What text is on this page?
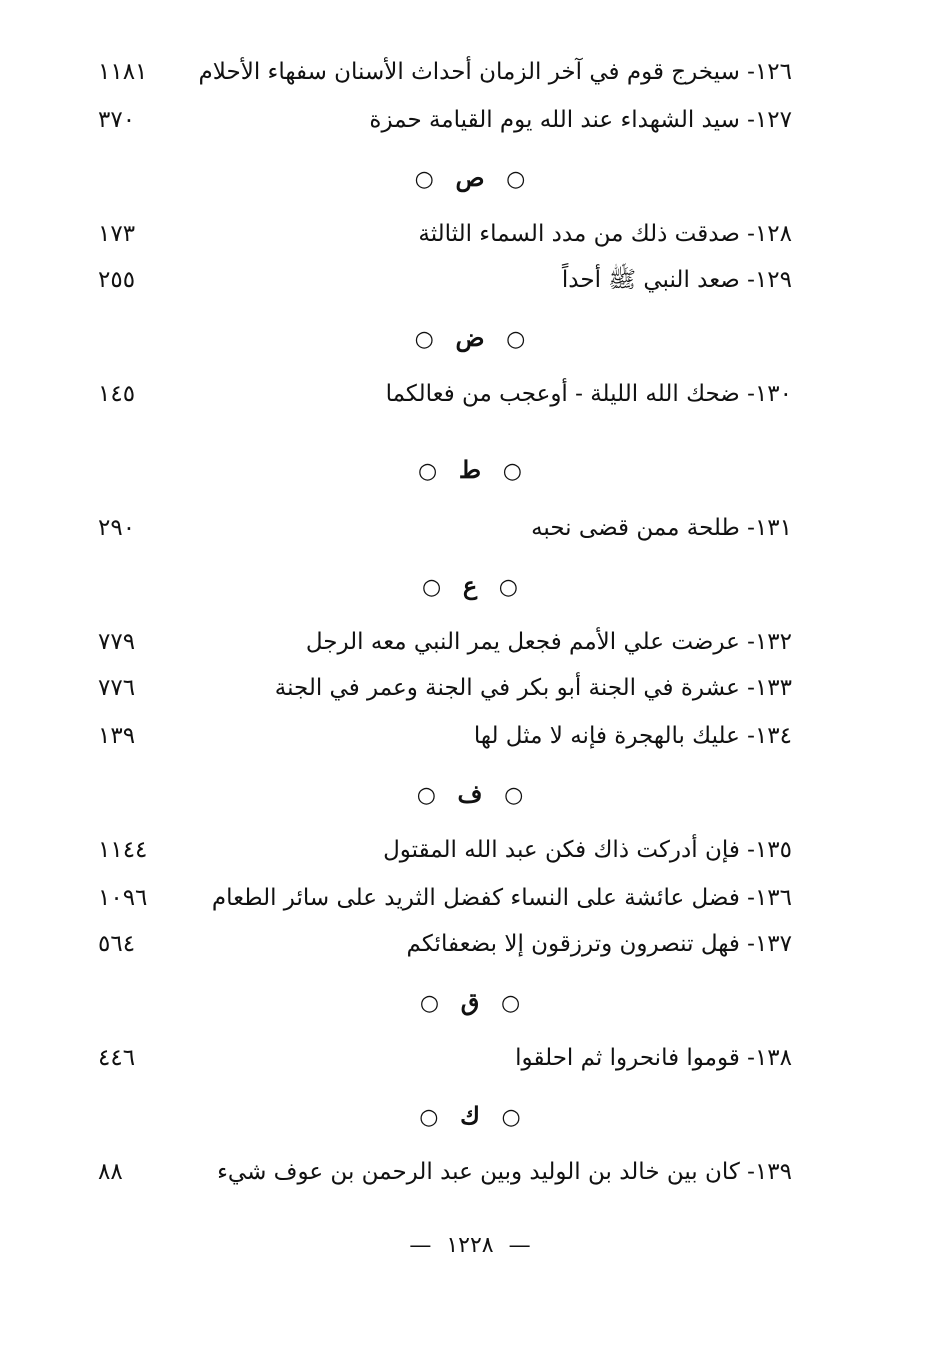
١٢٦- سيخرج قوم في آخر الزمان أحداث الأسنان سفهاء الأحلام
١١٨١
١٢٧- سيد الشهداء عند الله يوم القيامة حمزة
٣٧٠
○ ص ○
١٢٨- صدقت ذلك من مدد السماء الثالثة
١٧٣
١٢٩- صعد النبي ﷺ أحداً
٢٥٥
○ ض ○
١٣٠- ضحك الله الليلة - أوعجب من فعالكما
١٤٥
○ ط ○
١٣١- طلحة ممن قضى نحبه
٢٩٠
○ ع ○
١٣٢- عرضت علي الأمم فجعل يمر النبي معه الرجل
٧٧٩
١٣٣- عشرة في الجنة أبو بكر في الجنة وعمر في الجنة
٧٧٦
١٣٤- عليك بالهجرة فإنه لا مثل لها
١٣٩
○ ف ○
١٣٥- فإن أدركت ذاك فكن عبد الله المقتول
١١٤٤
١٣٦- فضل عائشة على النساء كفضل الثريد على سائر الطعام
١٠٩٦
١٣٧- فهل تنصرون وترزقون إلا بضعفائكم
٥٦٤
○ ق ○
١٣٨- قوموا فانحروا ثم احلقوا
٤٤٦
○ ك ○
١٣٩- كان بين خالد بن الوليد وبين عبد الرحمن بن عوف شيء
٨٨
— ١٢٢٨ —
